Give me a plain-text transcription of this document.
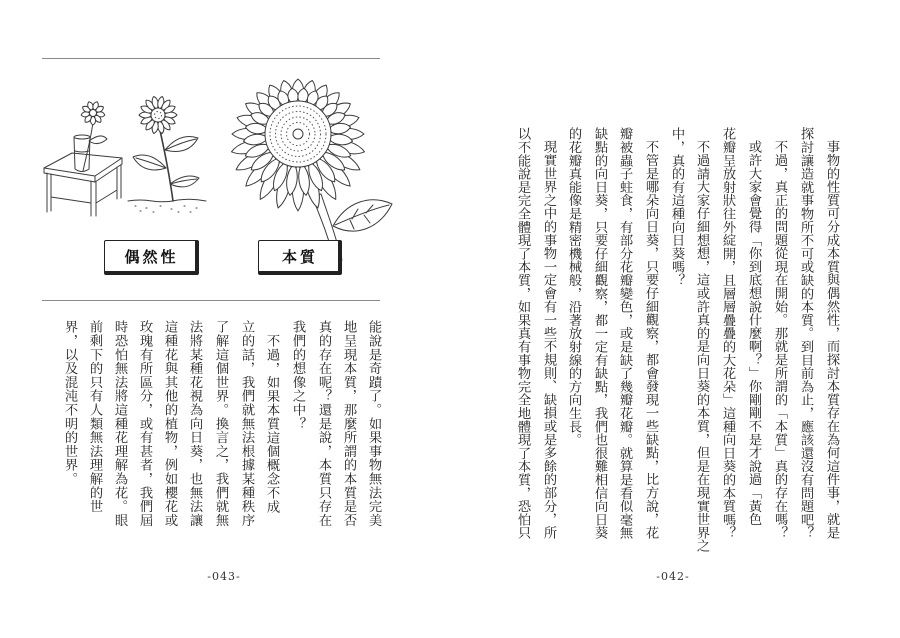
偶然性	本質
能說是奇蹟了。如果事物無法完美
地呈現本質，那麼所謂的本質是否
真的存在呢？還是說，本質只存在
我們的想像之中？
不過，如果本質這個概念不成
立的話，我們就無法根據某種秩序
了解這個世界。換言之，我們就無
法將某種花視為向日葵，也無法讓
這種花與其他的植物，例如櫻花或
玫瑰有所區分，或有甚者，我們屆
時恐怕無法將這種花理解為花。眼
前剩下的只有人類無法理解的世
界，以及混沌不明的世界。
-043-
事物的性質可分成本質與偶然性，而探討本質存在為何這件事，就是
探討讓造就事物所不可或缺的本質。到目前為止，應該還沒有問題吧？
不過，真正的問題從現在開始。那就是所謂的「本質」真的存在嗎？
或許大家會覺得「你到底想說什麼啊？」你剛剛不是才說過「黃色
花瓣呈放射狀往外綻開，且層層疊疊的大花朵」這種向日葵的本質嗎？
不過請大家仔細想想，這或許真的是向日葵的本質，但是在現實世界之
中，真的有這種向日葵嗎？
不管是哪朵向日葵，只要仔細觀察，都會發現一些缺點，比方說，花
瓣被蟲子蛀食，有部分花瓣變色，或是缺了幾瓣花瓣。就算是看似毫無
缺點的向日葵，只要仔細觀察，都一定有缺點，我們也很難相信向日葵
的花瓣真能像是精密機械般，沿著放射線的方向生長。
現實世界之中的事物一定會有一些不規則、缺損或是多餘的部分，所
以不能說是完全體現了本質，如果真有事物完全地體現了本質，恐怕只
-042-
